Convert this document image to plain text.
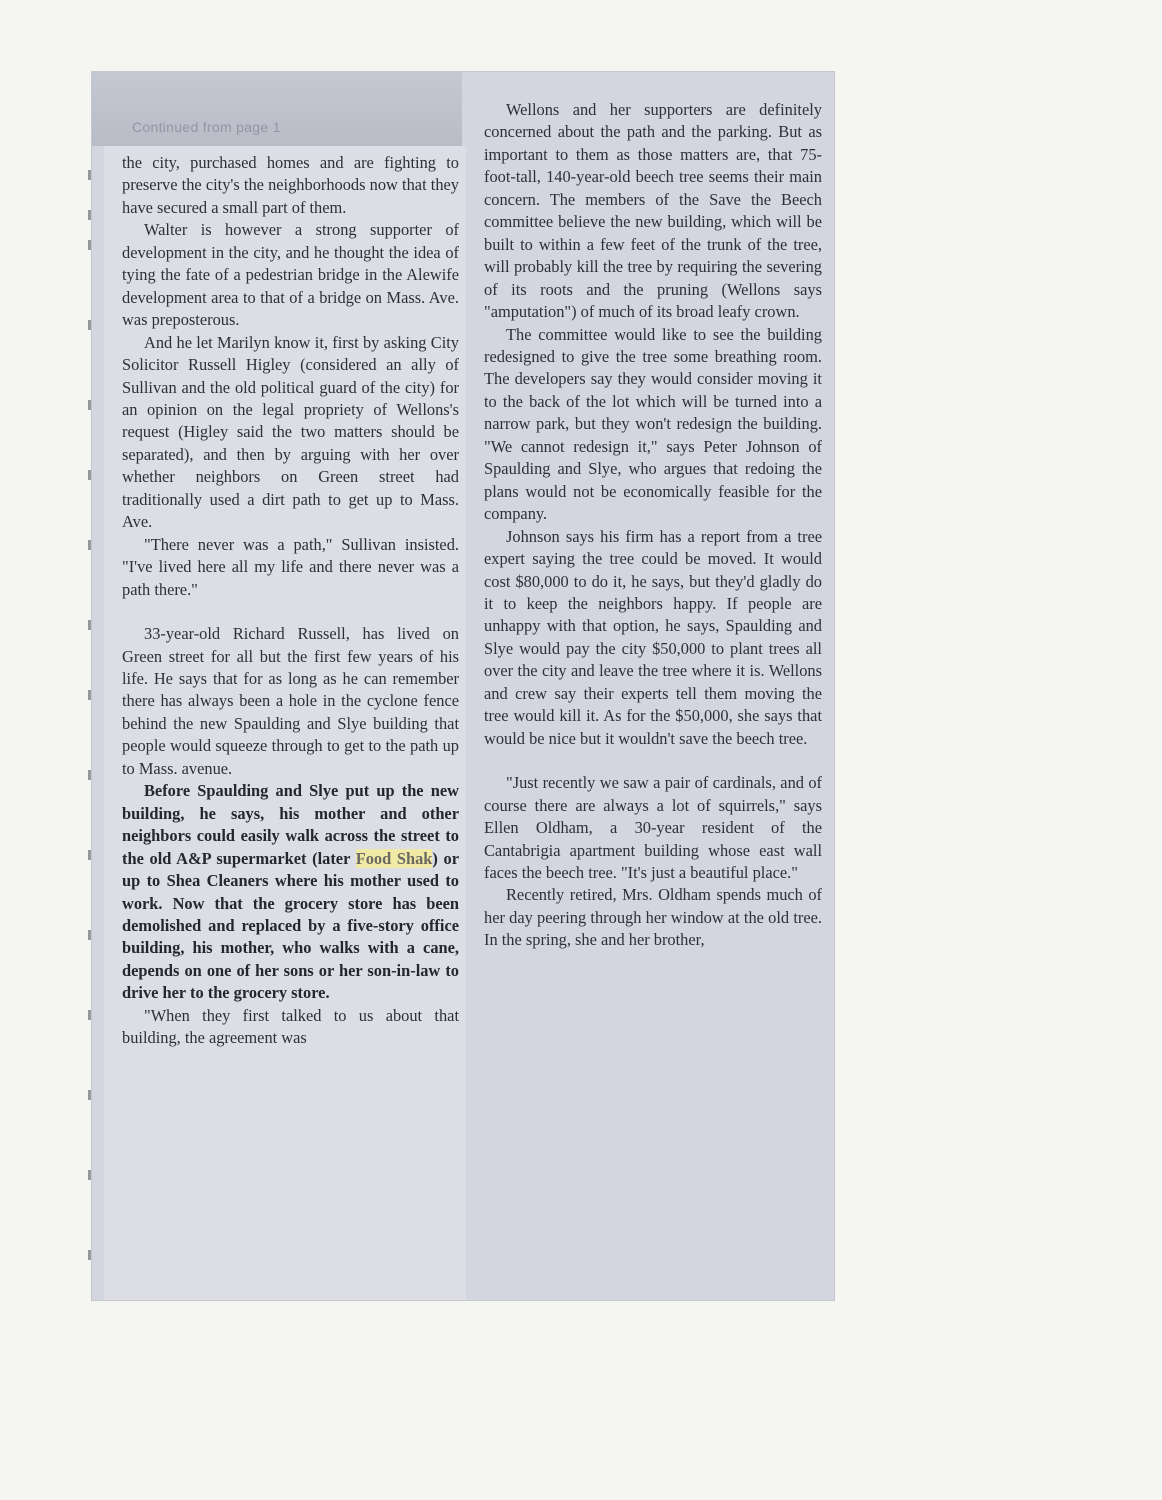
Continued from page 1

the city, purchased homes and are fighting to preserve the city's the neighborhoods now that they have secured a small part of them.

Walter is however a strong supporter of development in the city, and he thought the idea of tying the fate of a pedestrian bridge in the Alewife development area to that of a bridge on Mass. Ave. was preposterous.

And he let Marilyn know it, first by asking City Solicitor Russell Higley (considered an ally of Sullivan and the old political guard of the city) for an opinion on the legal propriety of Wellons's request (Higley said the two matters should be separated), and then by arguing with her over whether neighbors on Green street had traditionally used a dirt path to get up to Mass. Ave.

"There never was a path," Sullivan insisted. "I've lived here all my life and there never was a path there."

33-year-old Richard Russell, has lived on Green street for all but the first few years of his life. He says that for as long as he can remember there has always been a hole in the cyclone fence behind the new Spaulding and Slye building that people would squeeze through to get to the path up to Mass. avenue.

Before Spaulding and Slye put up the new building, he says, his mother and other neighbors could easily walk across the street to the old A&P supermarket (later Food Shak) or up to Shea Cleaners where his mother used to work. Now that the grocery store has been demolished and replaced by a five-story office building, his mother, who walks with a cane, depends on one of her sons or her son-in-law to drive her to the grocery store.

"When they first talked to us about that building, the agreement was

Wellons and her supporters are definitely concerned about the path and the parking. But as important to them as those matters are, that 75-foot-tall, 140-year-old beech tree seems their main concern. The members of the Save the Beech committee believe the new building, which will be built to within a few feet of the trunk of the tree, will probably kill the tree by requiring the severing of its roots and the pruning (Wellons says "amputation") of much of its broad leafy crown.

The committee would like to see the building redesigned to give the tree some breathing room. The developers say they would consider moving it to the back of the lot which will be turned into a narrow park, but they won't redesign the building. "We cannot redesign it," says Peter Johnson of Spaulding and Slye, who argues that redoing the plans would not be economically feasible for the company.

Johnson says his firm has a report from a tree expert saying the tree could be moved. It would cost $80,000 to do it, he says, but they'd gladly do it to keep the neighbors happy. If people are unhappy with that option, he says, Spaulding and Slye would pay the city $50,000 to plant trees all over the city and leave the tree where it is. Wellons and crew say their experts tell them moving the tree would kill it. As for the $50,000, she says that would be nice but it wouldn't save the beech tree.

"Just recently we saw a pair of cardinals, and of course there are always a lot of squirrels," says Ellen Oldham, a 30-year resident of the Cantabrigia apartment building whose east wall faces the beech tree. "It's just a beautiful place."

Recently retired, Mrs. Oldham spends much of her day peering through her window at the old tree. In the spring, she and her brother,
